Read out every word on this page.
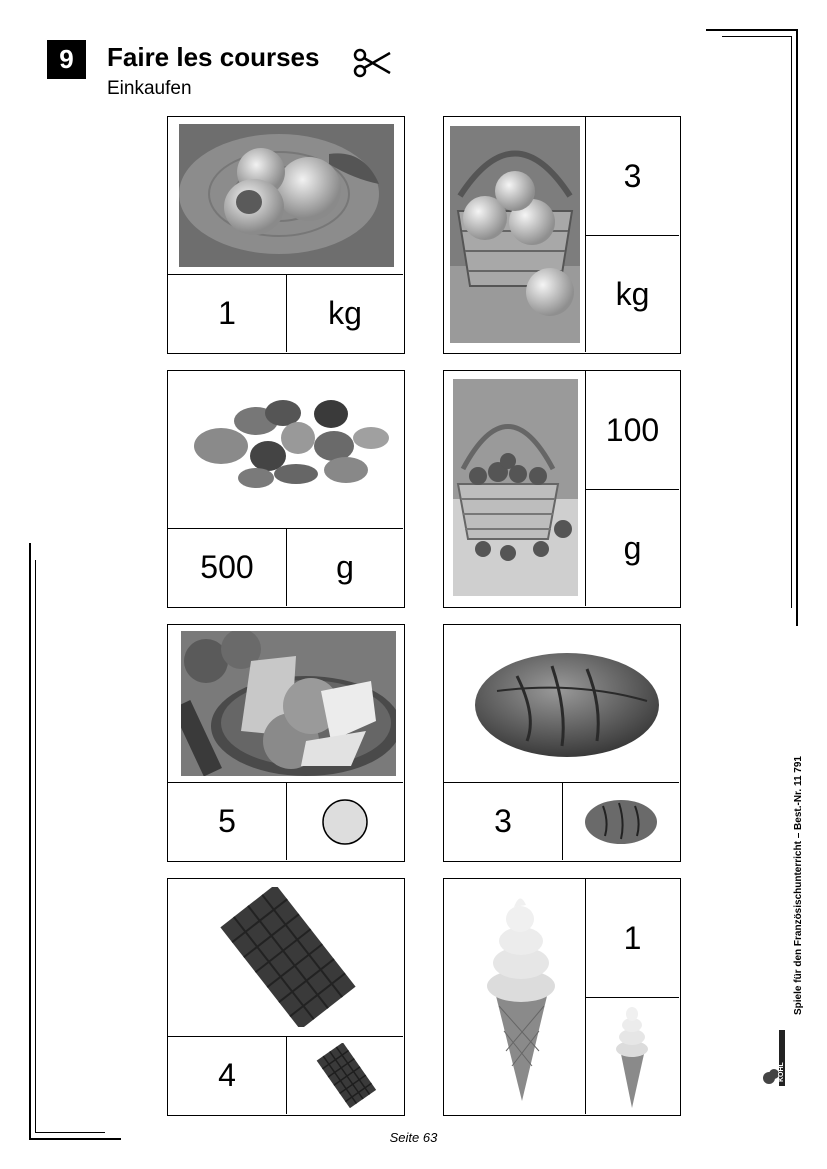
9	Faire les courses
Einkaufen
1	kg
3
kg
500	g
100
g
5	3
4
1	Spiele für den Französischunterricht – Best.-Nr. 11 791
KOHL
Seite 63
